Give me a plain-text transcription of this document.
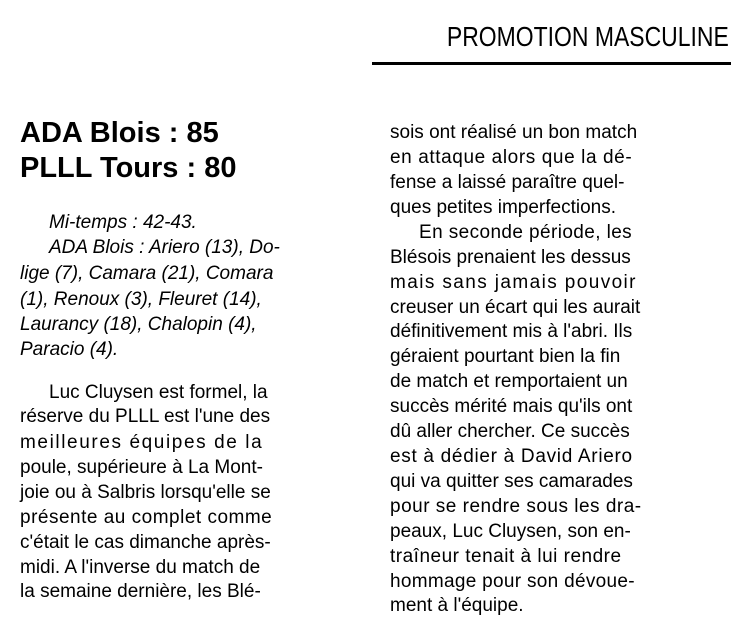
PROMOTION MASCULINE
ADA Blois : 85
PLLL Tours : 80
Mi-temps : 42-43.
ADA Blois : Ariero (13), Do-
lige (7), Camara (21), Comara
(1), Renoux (3), Fleuret (14),
Laurancy (18), Chalopin (4),
Paracio (4).
Luc Cluysen est formel, la
réserve du PLLL est l'une des
meilleures équipes de la
poule, supérieure à La Mont-
joie ou à Salbris lorsqu'elle se
présente au complet comme
c'était le cas dimanche après-
midi. A l'inverse du match de
la semaine dernière, les Blé-
sois ont réalisé un bon match
en attaque alors que la dé-
fense a laissé paraître quel-
ques petites imperfections.
En seconde période, les
Blésois prenaient les dessus
mais sans jamais pouvoir
creuser un écart qui les aurait
définitivement mis à l'abri. Ils
géraient pourtant bien la fin
de match et remportaient un
succès mérité mais qu'ils ont
dû aller chercher. Ce succès
est à dédier à David Ariero
qui va quitter ses camarades
pour se rendre sous les dra-
peaux, Luc Cluysen, son en-
traîneur tenait à lui rendre
hommage pour son dévoue-
ment à l'équipe.
